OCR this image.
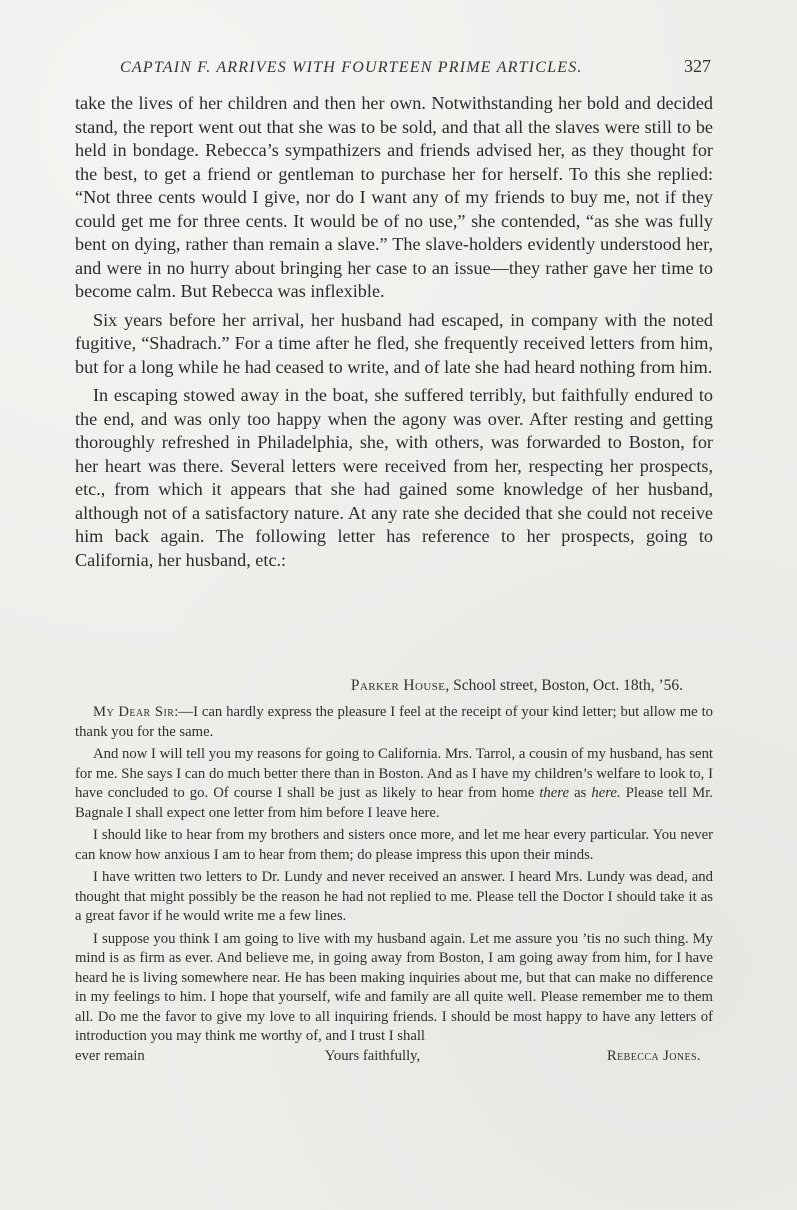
CAPTAIN F. ARRIVES WITH FOURTEEN PRIME ARTICLES.	327

take the lives of her children and then her own. Notwithstanding her bold and decided stand, the report went out that she was to be sold, and that all the slaves were still to be held in bondage. Rebecca’s sympathizers and friends advised her, as they thought for the best, to get a friend or gentleman to purchase her for herself. To this she replied: “Not three cents would I give, nor do I want any of my friends to buy me, not if they could get me for three cents. It would be of no use,” she contended, “as she was fully bent on dying, rather than remain a slave.” The slave-holders evidently understood her, and were in no hurry about bringing her case to an issue—they rather gave her time to become calm. But Rebecca was inflexible.

Six years before her arrival, her husband had escaped, in company with the noted fugitive, “Shadrach.” For a time after he fled, she frequently received letters from him, but for a long while he had ceased to write, and of late she had heard nothing from him.

In escaping stowed away in the boat, she suffered terribly, but faithfully endured to the end, and was only too happy when the agony was over. After resting and getting thoroughly refreshed in Philadelphia, she, with others, was forwarded to Boston, for her heart was there. Several letters were received from her, respecting her prospects, etc., from which it appears that she had gained some knowledge of her husband, although not of a satisfactory nature. At any rate she decided that she could not receive him back again. The following letter has reference to her prospects, going to California, her husband, etc.:

Parker House, School street, Boston, Oct. 18th, ’56.

My Dear Sir:—I can hardly express the pleasure I feel at the receipt of your kind letter; but allow me to thank you for the same.

And now I will tell you my reasons for going to California. Mrs. Tarrol, a cousin of my husband, has sent for me. She says I can do much better there than in Boston. And as I have my children’s welfare to look to, I have concluded to go. Of course I shall be just as likely to hear from home there as here. Please tell Mr. Bagnale I shall expect one letter from him before I leave here.

I should like to hear from my brothers and sisters once more, and let me hear every particular. You never can know how anxious I am to hear from them; do please impress this upon their minds.

I have written two letters to Dr. Lundy and never received an answer. I heard Mrs. Lundy was dead, and thought that might possibly be the reason he had not replied to me. Please tell the Doctor I should take it as a great favor if he would write me a few lines.

I suppose you think I am going to live with my husband again. Let me assure you ’tis no such thing. My mind is as firm as ever. And believe me, in going away from Boston, I am going away from him, for I have heard he is living somewhere near. He has been making inquiries about me, but that can make no difference in my feelings to him. I hope that yourself, wife and family are all quite well. Please remember me to them all. Do me the favor to give my love to all inquiring friends. I should be most happy to have any letters of introduction you may think me worthy of, and I trust I shall

ever remain	Yours faithfully,	Rebecca Jones.
